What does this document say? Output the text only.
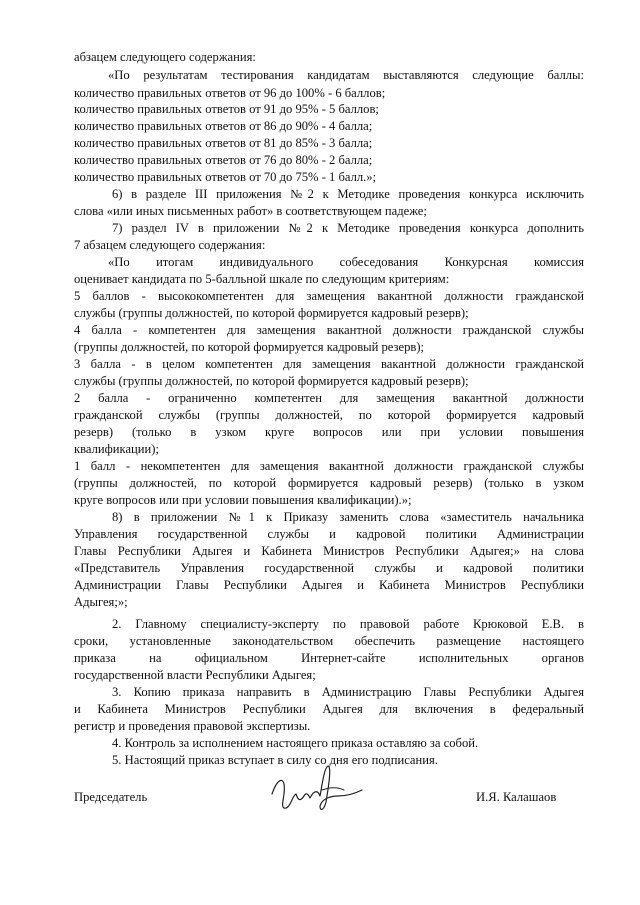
абзацем следующего содержания:
«По результатам тестирования кандидатам выставляются следующие баллы:
количество правильных ответов от 96 до 100% - 6 баллов;
количество правильных ответов от 91 до 95% - 5 баллов;
количество правильных ответов от 86 до 90% - 4 балла;
количество правильных ответов от 81 до 85% - 3 балла;
количество правильных ответов от 76 до 80% - 2 балла;
количество правильных ответов от 70 до 75% - 1 балл.»;
6) в разделе III приложения №2 к Методике проведения конкурса исключить
слова «или иных письменных работ» в соответствующем падеже;
7) раздел IV в приложении №2 к Методике проведения конкурса дополнить
7 абзацем следующего содержания:
«По итогам индивидуального собеседования Конкурсная комиссия
оценивает кандидата по 5-балльной шкале по следующим критериям:
5 баллов - высококомпетентен для замещения вакантной должности гражданской
службы (группы должностей, по которой формируется кадровый резерв);
4 балла - компетентен для замещения вакантной должности гражданской службы
(группы должностей, по которой формируется кадровый резерв);
3 балла - в целом компетентен для замещения вакантной должности гражданской
службы (группы должностей, по которой формируется кадровый резерв);
2 балла - ограниченно компетентен для замещения вакантной должности
гражданской службы (группы должностей, по которой формируется кадровый
резерв) (только в узком круге вопросов или при условии повышения
квалификации);
1 балл - некомпетентен для замещения вакантной должности гражданской службы
(группы должностей, по которой формируется кадровый резерв) (только в узком
круге вопросов или при условии повышения квалификации).»;
8) в приложении №1 к Приказу заменить слова «заместитель начальника
Управления государственной службы и кадровой политики Администрации
Главы Республики Адыгея и Кабинета Министров Республики Адыгея;» на слова
«Представитель Управления государственной службы и кадровой политики
Администрации Главы Республики Адыгея и Кабинета Министров Республики
Адыгея;»;
2. Главному специалисту-эксперту по правовой работе Крюковой Е.В. в
сроки, установленные законодательством обеспечить размещение настоящего
приказа на официальном Интернет-сайте исполнительных органов
государственной власти Республики Адыгея;
3. Копию приказа направить в Администрацию Главы Республики Адыгея
и Кабинета Министров Республики Адыгея для включения в федеральный
регистр и проведения правовой экспертизы.
4. Контроль за исполнением настоящего приказа оставляю за собой.
5. Настоящий приказ вступает в силу со дня его подписания.
Председатель	И.Я. Калашаов
